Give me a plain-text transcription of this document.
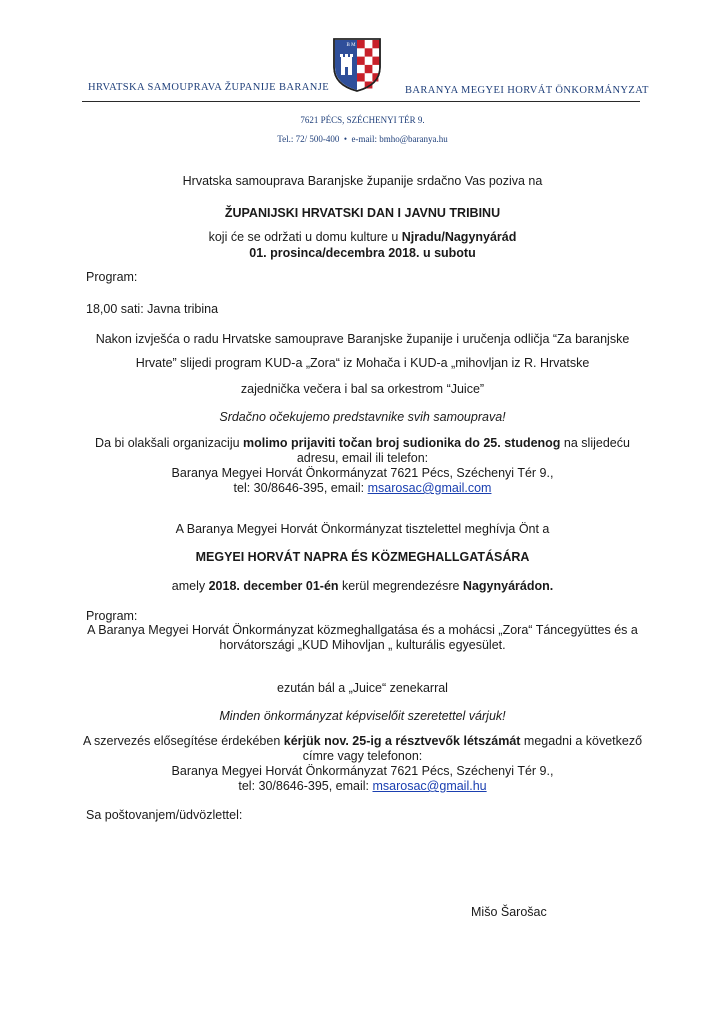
B M
HRVATSKA SAMOUPRAVA ŽUPANIJE BARANJE	BARANYA MEGYEI HORVÁT ÖNKORMÁNYZAT
7621 PÉCS, SZÉCHENYI TÉR 9.
Tel.: 72/ 500-400 • e-mail: bmho@baranya.hu
Hrvatska samouprava Baranjske županije srdačno Vas poziva na
ŽUPANIJSKI HRVATSKI DAN I JAVNU TRIBINU
koji će se održati u domu kulture u Njradu/Nagynyárád
01. prosinca/decembra 2018. u subotu
Program:
18,00 sati: Javna tribina
Nakon izvješća o radu Hrvatske samouprave Baranjske županije i uručenja odličja “Za baranjske
Hrvate” slijedi program KUD-a „Zora“ iz Mohača i KUD-a „mihovljan iz R. Hrvatske
zajednička večera i bal sa orkestrom “Juice”
Srdačno očekujemo predstavnike svih samouprava!
Da bi olakšali organizaciju molimo prijaviti točan broj sudionika do 25. studenog na slijedeću
adresu, email ili telefon:
Baranya Megyei Horvát Önkormányzat 7621 Pécs, Széchenyi Tér 9.,
tel: 30/8646-395, email: msarosac@gmail.com
A Baranya Megyei Horvát Önkormányzat tisztelettel meghívja Önt a
MEGYEI HORVÁT NAPRA ÉS KÖZMEGHALLGATÁSÁRA
amely 2018. december 01-én kerül megrendezésre Nagynyárádon.
Program:
A Baranya Megyei Horvát Önkormányzat közmeghallgatása és a mohácsi „Zora“ Táncegyüttes és a
horvátországi „KUD Mihovljan „ kulturális egyesület.
ezután bál a „Juice“ zenekarral
Minden önkormányzat képviselőit szeretettel várjuk!
A szervezés elősegítése érdekében kérjük nov. 25-ig a résztvevők létszámát megadni a következő
címre vagy telefonon:
Baranya Megyei Horvát Önkormányzat 7621 Pécs, Széchenyi Tér 9.,
tel: 30/8646-395, email: msarosac@gmail.hu
Sa poštovanjem/üdvözlettel:
Mišo Šarošac
